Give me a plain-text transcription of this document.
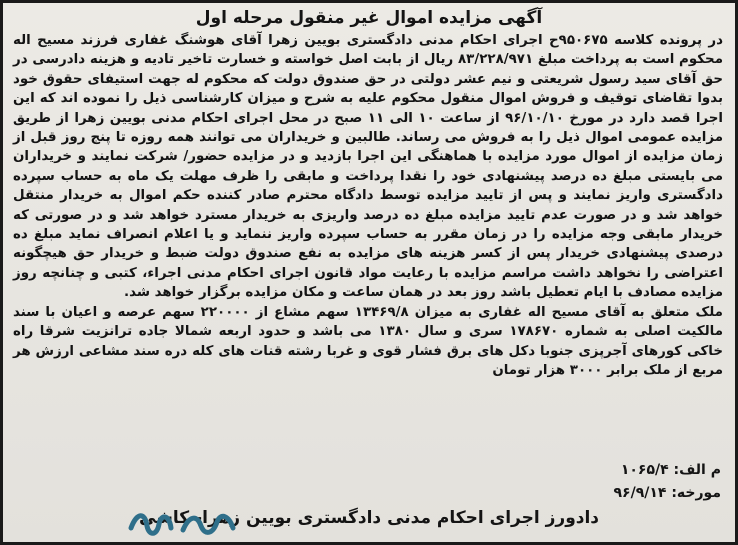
آگهی مزایده اموال غیر منقول مرحله اول

در پرونده کلاسه ۹۵۰۶۷۵ح اجرای احکام مدنی دادگستری بویین زهرا آقای هوشنگ غفاری فرزند مسیح اله محکوم است به پرداخت مبلغ ۸۳/۲۲۸/۹۷۱ ریال از بابت اصل خواسته و خسارت تاخیر تادیه و هزینه دادرسی در حق آقای سید رسول شریعتی و نیم عشر دولتی در حق صندوق دولت که محکوم له جهت استیفای حقوق خود بدوا تقاضای توقیف و فروش اموال منقول محکوم علیه به شرح و میزان کارشناسی ذیل را نموده اند که این اجرا قصد دارد در مورخ ۹۶/۱۰/۱۰ از ساعت ۱۰ الی ۱۱ صبح در محل اجرای احکام مدنی بویین زهرا از طریق مزایده عمومی اموال ذیل را به فروش می رساند. طالبین و خریداران می توانند همه روزه تا پنج روز قبل از زمان مزایده از اموال مورد مزایده با هماهنگی این اجرا بازدید و در مزایده حضور/ شرکت نمایند و خریداران می بایستی مبلغ ده درصد پیشنهادی خود را نقدا پرداخت و مابقی را ظرف مهلت یک ماه به حساب سپرده دادگستری واریز نمایند و پس از تایید مزایده توسط دادگاه محترم صادر کننده حکم اموال به خریدار منتقل خواهد شد و در صورت عدم تایید مزایده مبلغ ده درصد واریزی به خریدار مسترد خواهد شد و در صورتی که خریدار مابقی وجه مزایده را در زمان مقرر به حساب سپرده واریز ننماید و یا اعلام انصراف نماید مبلغ ده درصدی پیشنهادی خریدار پس از کسر هزینه های مزایده به نفع صندوق دولت ضبط و خریدار حق هیچگونه اعتراضی را نخواهد داشت مراسم مزایده با رعایت مواد قانون اجرای احکام مدنی اجراء، کتبی و چنانچه روز مزایده مصادف با ایام تعطیل باشد روز بعد در همان ساعت و مکان مزایده برگزار خواهد شد.

ملک متعلق به آقای مسیح اله غفاری به میزان ۱۳۴۶۹/۸ سهم مشاع از ۲۲۰۰۰۰ سهم عرصه و اعیان با سند مالکیت اصلی به شماره ۱۷۸۶۷۰ سری و سال ۱۳۸۰ می باشد و حدود اربعه شمالا جاده ترانزیت شرقا راه خاکی کورهای آجرپزی جنوبا دکل های برق فشار قوی و غربا رشته قنات های کله دره سند مشاعی ارزش هر مربع از ملک برابر ۳۰۰۰ هزار تومان

م الف: ۱۰۶۵/۴
مورخه: ۹۶/۹/۱۴
دادورز اجرای احکام مدنی دادگستری بویین زهرا- کاشی
